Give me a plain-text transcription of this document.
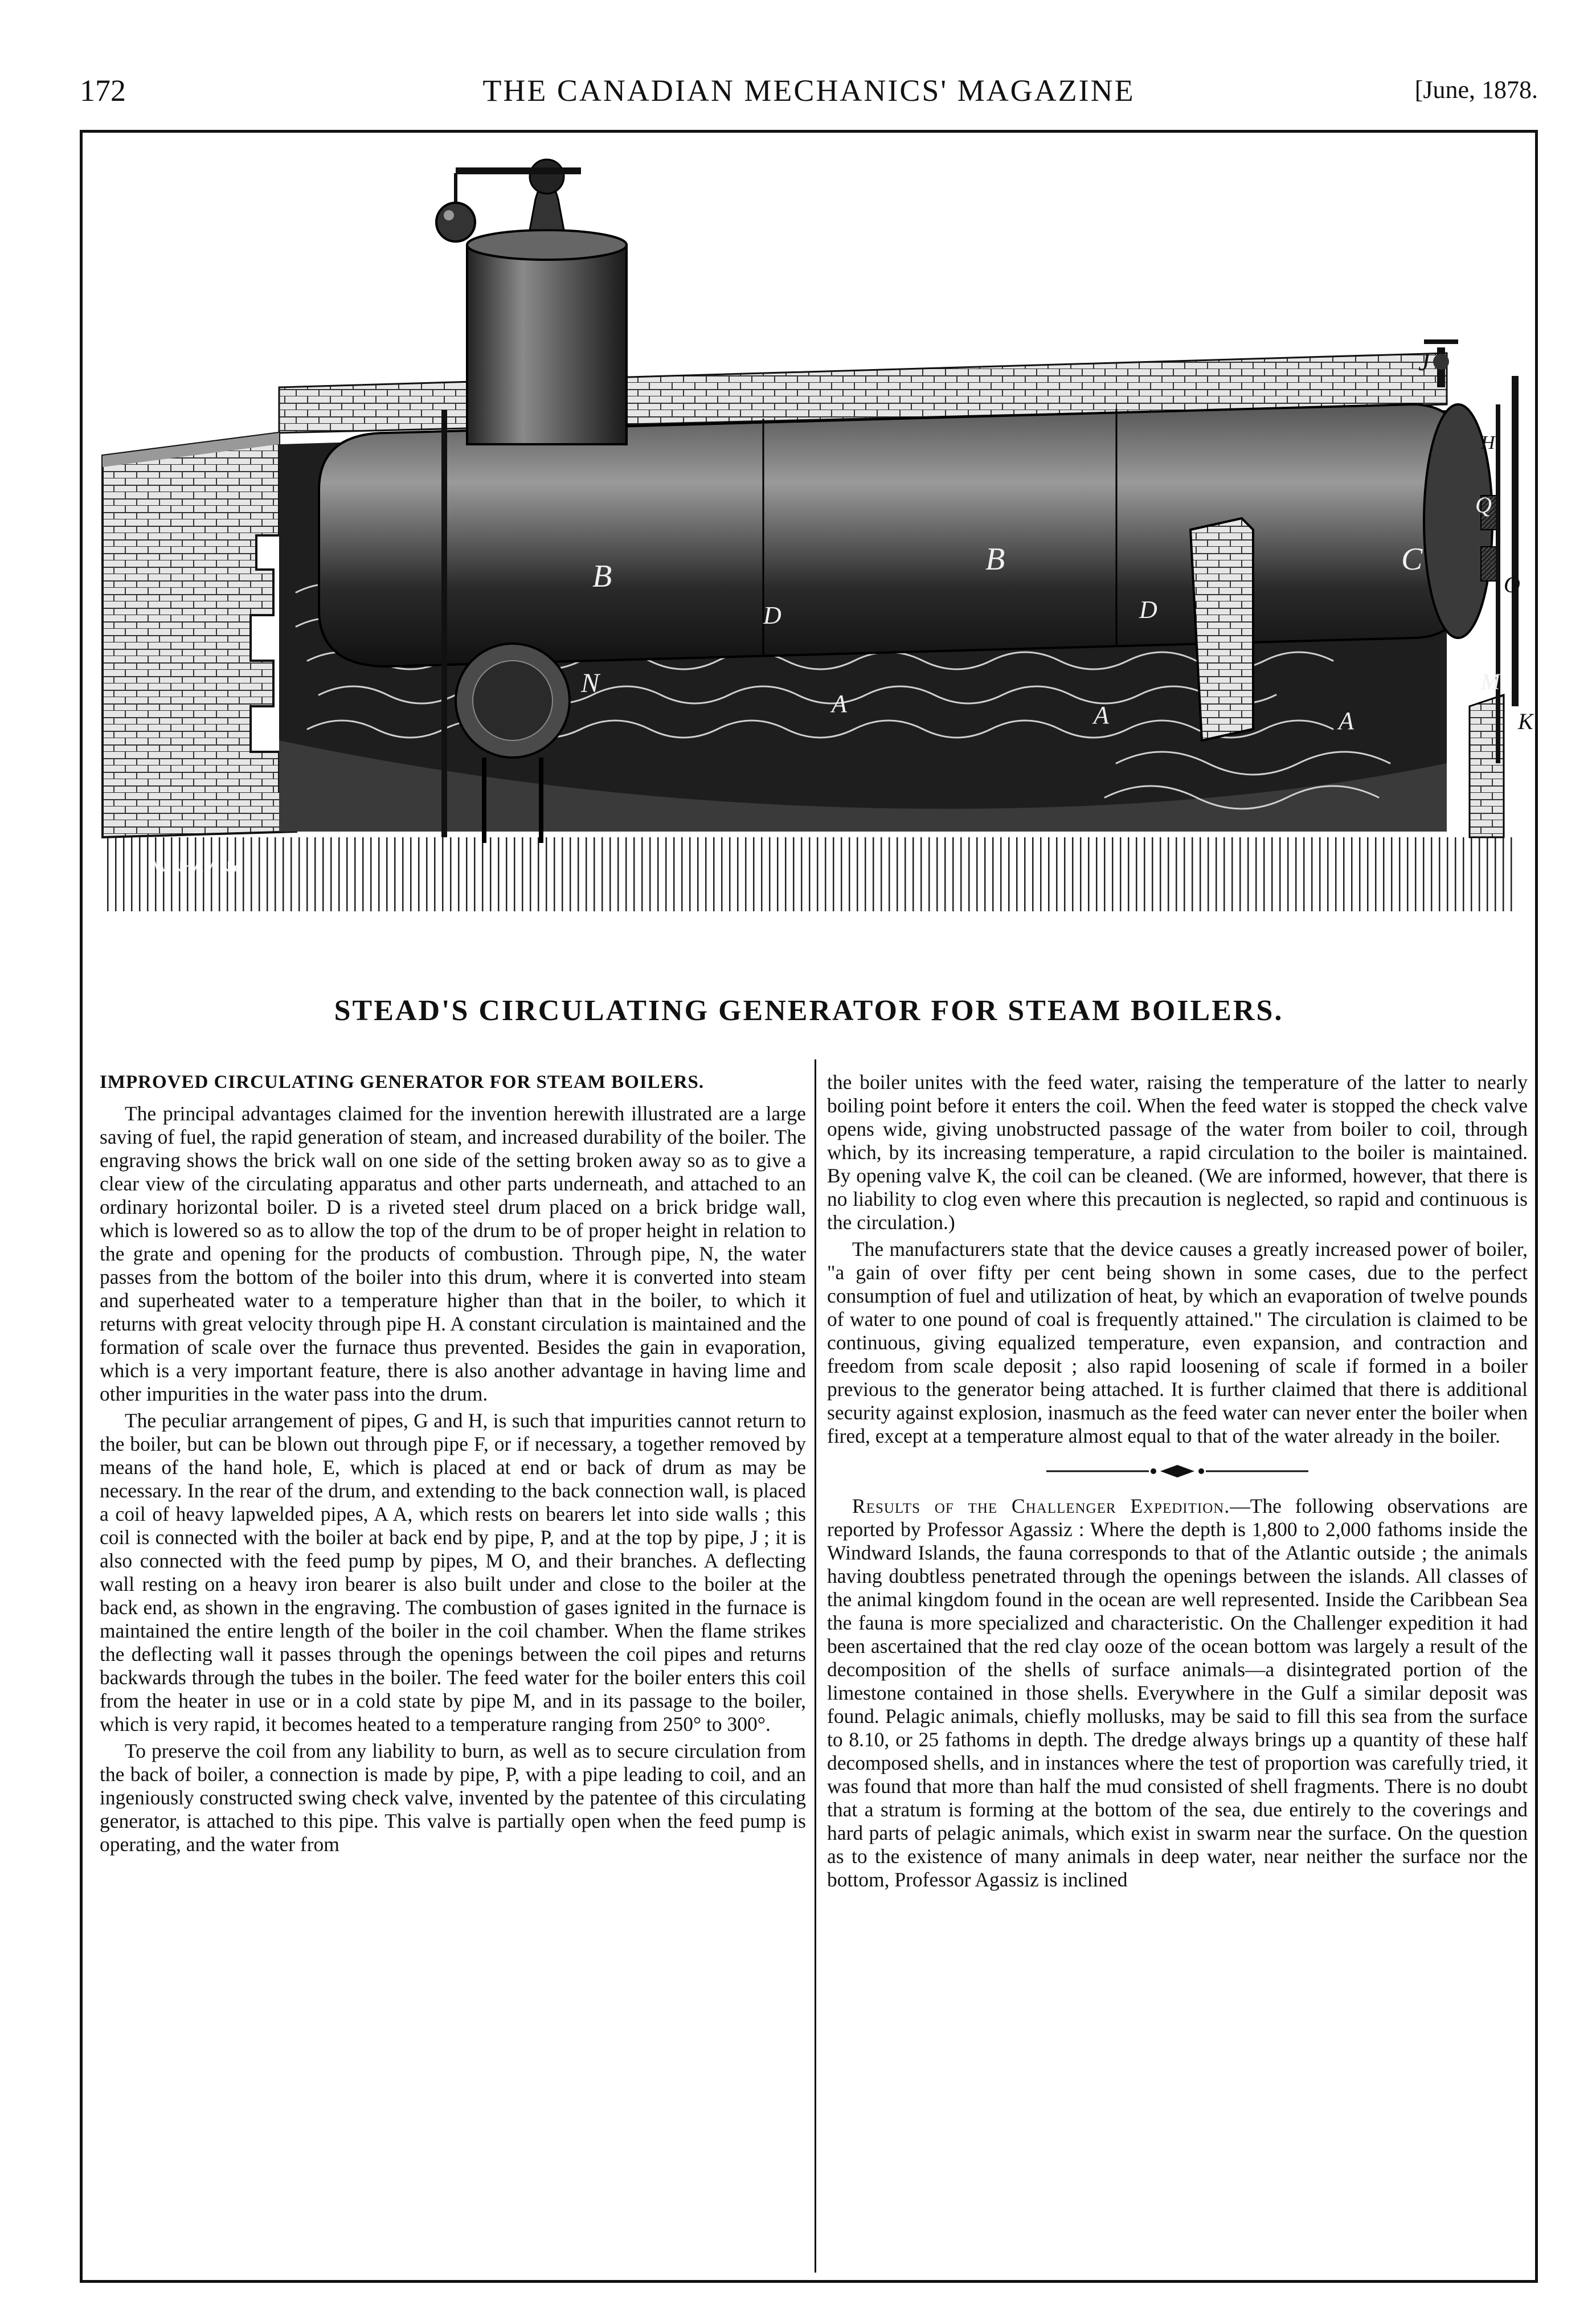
172	THE CANADIAN MECHANICS' MAGAZINE	[June, 1878.
B	B
D	D
C
N
A	A	A
J
H
Q
O
M
K
WINHAM.NY
STEAD'S CIRCULATING GENERATOR FOR STEAM BOILERS.
IMPROVED CIRCULATING GENERATOR FOR STEAM BOILERS.

The principal advantages claimed for the invention herewith illustrated are a large saving of fuel, the rapid generation of steam, and increased durability of the boiler. The engraving shows the brick wall on one side of the setting broken away so as to give a clear view of the circulating apparatus and other parts underneath, and attached to an ordinary horizontal boiler. D is a riveted steel drum placed on a brick bridge wall, which is lowered so as to allow the top of the drum to be of proper height in relation to the grate and opening for the products of combustion. Through pipe, N, the water passes from the bottom of the boiler into this drum, where it is converted into steam and superheated water to a temperature higher than that in the boiler, to which it returns with great velocity through pipe H. A constant circulation is maintained and the formation of scale over the furnace thus prevented. Besides the gain in evaporation, which is a very important feature, there is also another advantage in having lime and other impurities in the water pass into the drum.

The peculiar arrangement of pipes, G and H, is such that impurities cannot return to the boiler, but can be blown out through pipe F, or if necessary, a together removed by means of the hand hole, E, which is placed at end or back of drum as may be necessary. In the rear of the drum, and extending to the back connection wall, is placed a coil of heavy lapwelded pipes, A A, which rests on bearers let into side walls ; this coil is connected with the boiler at back end by pipe, P, and at the top by pipe, J ; it is also connected with the feed pump by pipes, M O, and their branches. A deflecting wall resting on a heavy iron bearer is also built under and close to the boiler at the back end, as shown in the engraving. The combustion of gases ignited in the furnace is maintained the entire length of the boiler in the coil chamber. When the flame strikes the deflecting wall it passes through the openings between the coil pipes and returns backwards through the tubes in the boiler. The feed water for the boiler enters this coil from the heater in use or in a cold state by pipe M, and in its passage to the boiler, which is very rapid, it becomes heated to a temperature ranging from 250° to 300°.

To preserve the coil from any liability to burn, as well as to secure circulation from the back of boiler, a connection is made by pipe, P, with a pipe leading to coil, and an ingeniously constructed swing check valve, invented by the patentee of this circulating generator, is attached to this pipe. This valve is partially open when the feed pump is operating, and the water from

the boiler unites with the feed water, raising the temperature of the latter to nearly boiling point before it enters the coil. When the feed water is stopped the check valve opens wide, giving unobstructed passage of the water from boiler to coil, through which, by its increasing temperature, a rapid circulation to the boiler is maintained. By opening valve K, the coil can be cleaned. (We are informed, however, that there is no liability to clog even where this precaution is neglected, so rapid and continuous is the circulation.)

The manufacturers state that the device causes a greatly increased power of boiler, "a gain of over fifty per cent being shown in some cases, due to the perfect consumption of fuel and utilization of heat, by which an evaporation of twelve pounds of water to one pound of coal is frequently attained." The circulation is claimed to be continuous, giving equalized temperature, even expansion, and contraction and freedom from scale deposit ; also rapid loosening of scale if formed in a boiler previous to the generator being attached. It is further claimed that there is additional security against explosion, inasmuch as the feed water can never enter the boiler when fired, except at a temperature almost equal to that of the water already in the boiler.

Results of the Challenger Expedition.—The following observations are reported by Professor Agassiz : Where the depth is 1,800 to 2,000 fathoms inside the Windward Islands, the fauna corresponds to that of the Atlantic outside ; the animals having doubtless penetrated through the openings between the islands. All classes of the animal kingdom found in the ocean are well represented. Inside the Caribbean Sea the fauna is more specialized and characteristic. On the Challenger expedition it had been ascertained that the red clay ooze of the ocean bottom was largely a result of the decomposition of the shells of surface animals—a disintegrated portion of the limestone contained in those shells. Everywhere in the Gulf a similar deposit was found. Pelagic animals, chiefly mollusks, may be said to fill this sea from the surface to 8.10, or 25 fathoms in depth. The dredge always brings up a quantity of these half decomposed shells, and in instances where the test of proportion was carefully tried, it was found that more than half the mud consisted of shell fragments. There is no doubt that a stratum is forming at the bottom of the sea, due entirely to the coverings and hard parts of pelagic animals, which exist in swarm near the surface. On the question as to the existence of many animals in deep water, near neither the surface nor the bottom, Professor Agassiz is inclined
